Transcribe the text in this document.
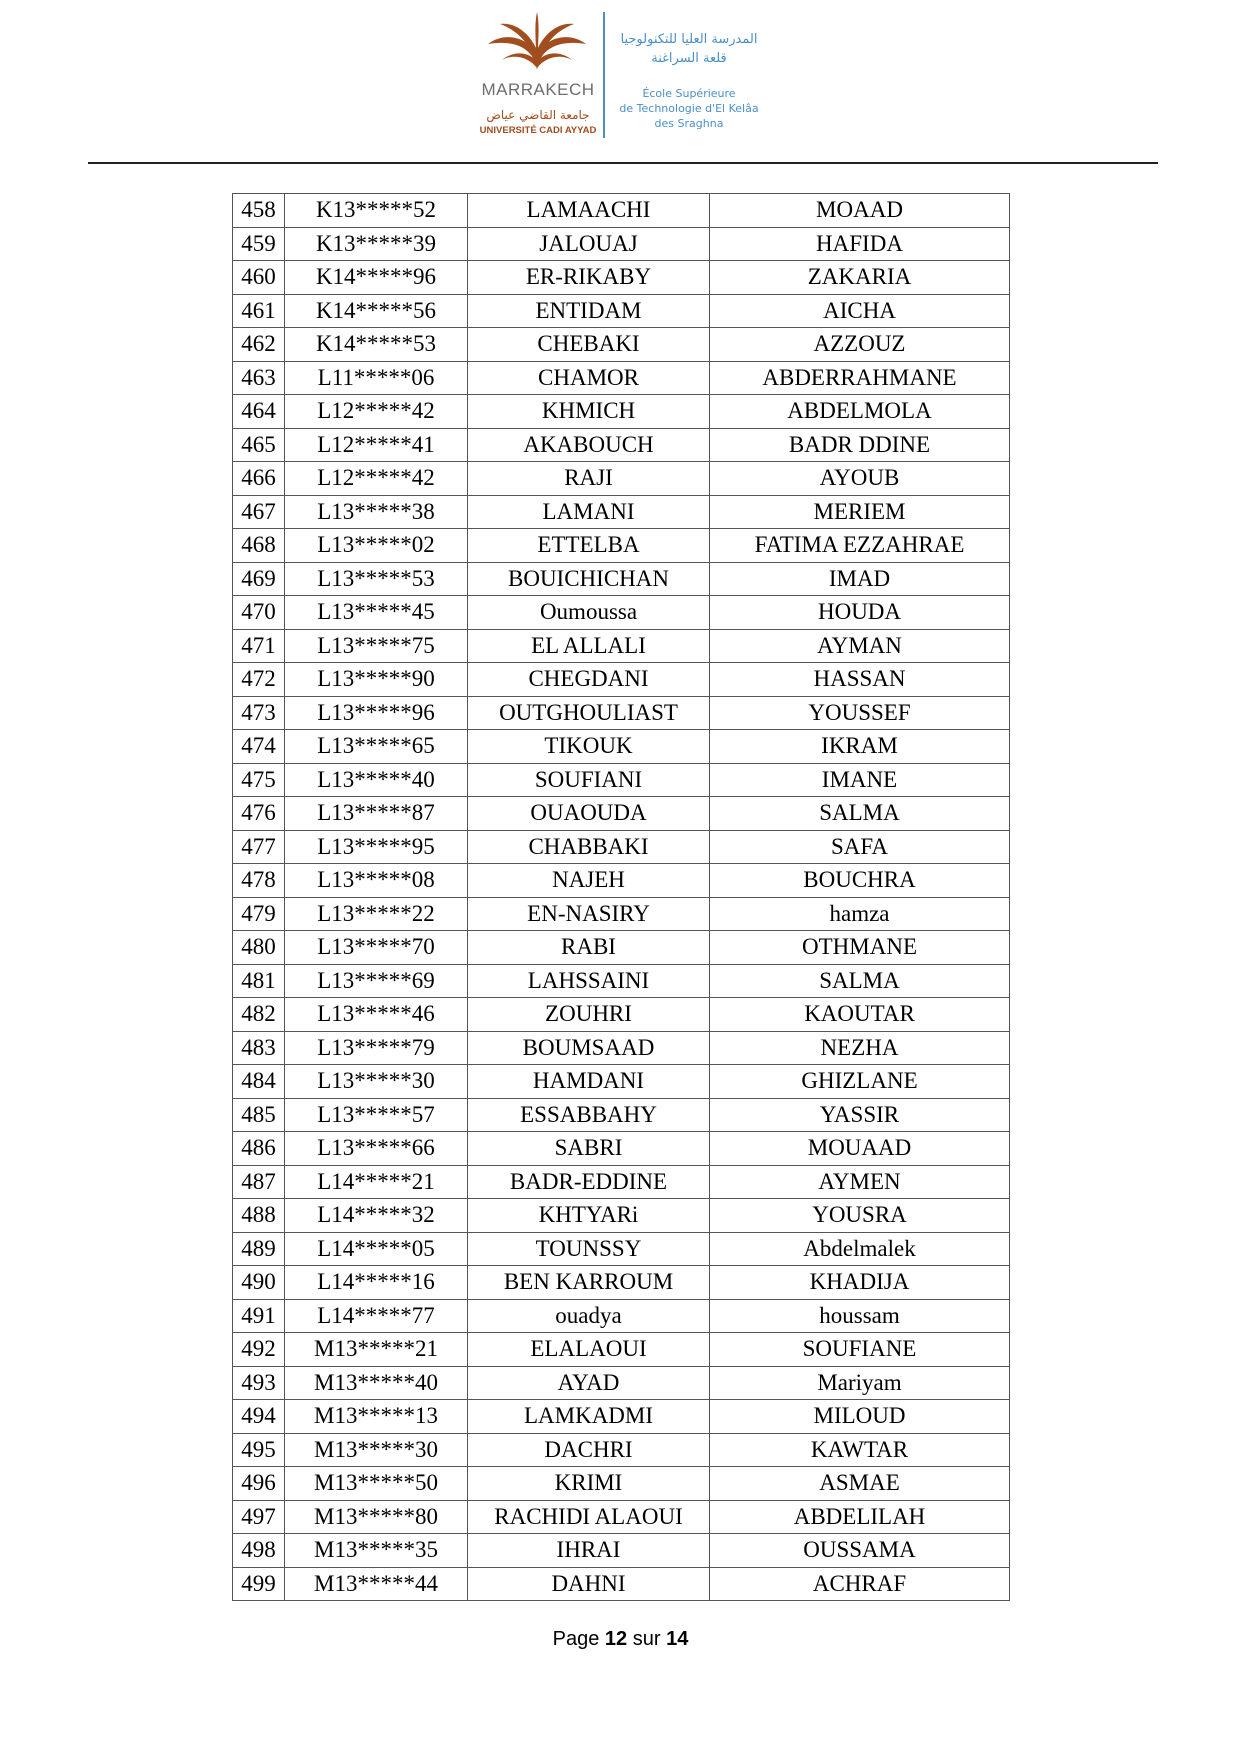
MARRAKECH
جامعة القاضي عياض
UNIVERSITÉ CADI AYYAD
المدرسة العليا للتكنولوجيا
قلعة السراغنة
École Supérieure
de Technologie d'El Kelâa
des Sraghna
458	K13*****52	LAMAACHI	MOAAD
459	K13*****39	JALOUAJ	HAFIDA
460	K14*****96	ER-RIKABY	ZAKARIA
461	K14*****56	ENTIDAM	AICHA
462	K14*****53	CHEBAKI	AZZOUZ
463	L11*****06	CHAMOR	ABDERRAHMANE
464	L12*****42	KHMICH	ABDELMOLA
465	L12*****41	AKABOUCH	BADR DDINE
466	L12*****42	RAJI	AYOUB
467	L13*****38	LAMANI	MERIEM
468	L13*****02	ETTELBA	FATIMA EZZAHRAE
469	L13*****53	BOUICHICHAN	IMAD
470	L13*****45	Oumoussa	HOUDA
471	L13*****75	EL ALLALI	AYMAN
472	L13*****90	CHEGDANI	HASSAN
473	L13*****96	OUTGHOULIAST	YOUSSEF
474	L13*****65	TIKOUK	IKRAM
475	L13*****40	SOUFIANI	IMANE
476	L13*****87	OUAOUDA	SALMA
477	L13*****95	CHABBAKI	SAFA
478	L13*****08	NAJEH	BOUCHRA
479	L13*****22	EN-NASIRY	hamza
480	L13*****70	RABI	OTHMANE
481	L13*****69	LAHSSAINI	SALMA
482	L13*****46	ZOUHRI	KAOUTAR
483	L13*****79	BOUMSAAD	NEZHA
484	L13*****30	HAMDANI	GHIZLANE
485	L13*****57	ESSABBAHY	YASSIR
486	L13*****66	SABRI	MOUAAD
487	L14*****21	BADR-EDDINE	AYMEN
488	L14*****32	KHTYARi	YOUSRA
489	L14*****05	TOUNSSY	Abdelmalek
490	L14*****16	BEN KARROUM	KHADIJA
491	L14*****77	ouadya	houssam
492	M13*****21	ELALAOUI	SOUFIANE
493	M13*****40	AYAD	Mariyam
494	M13*****13	LAMKADMI	MILOUD
495	M13*****30	DACHRI	KAWTAR
496	M13*****50	KRIMI	ASMAE
497	M13*****80	RACHIDI ALAOUI	ABDELILAH
498	M13*****35	IHRAI	OUSSAMA
499	M13*****44	DAHNI	ACHRAF
Page 12 sur 14
